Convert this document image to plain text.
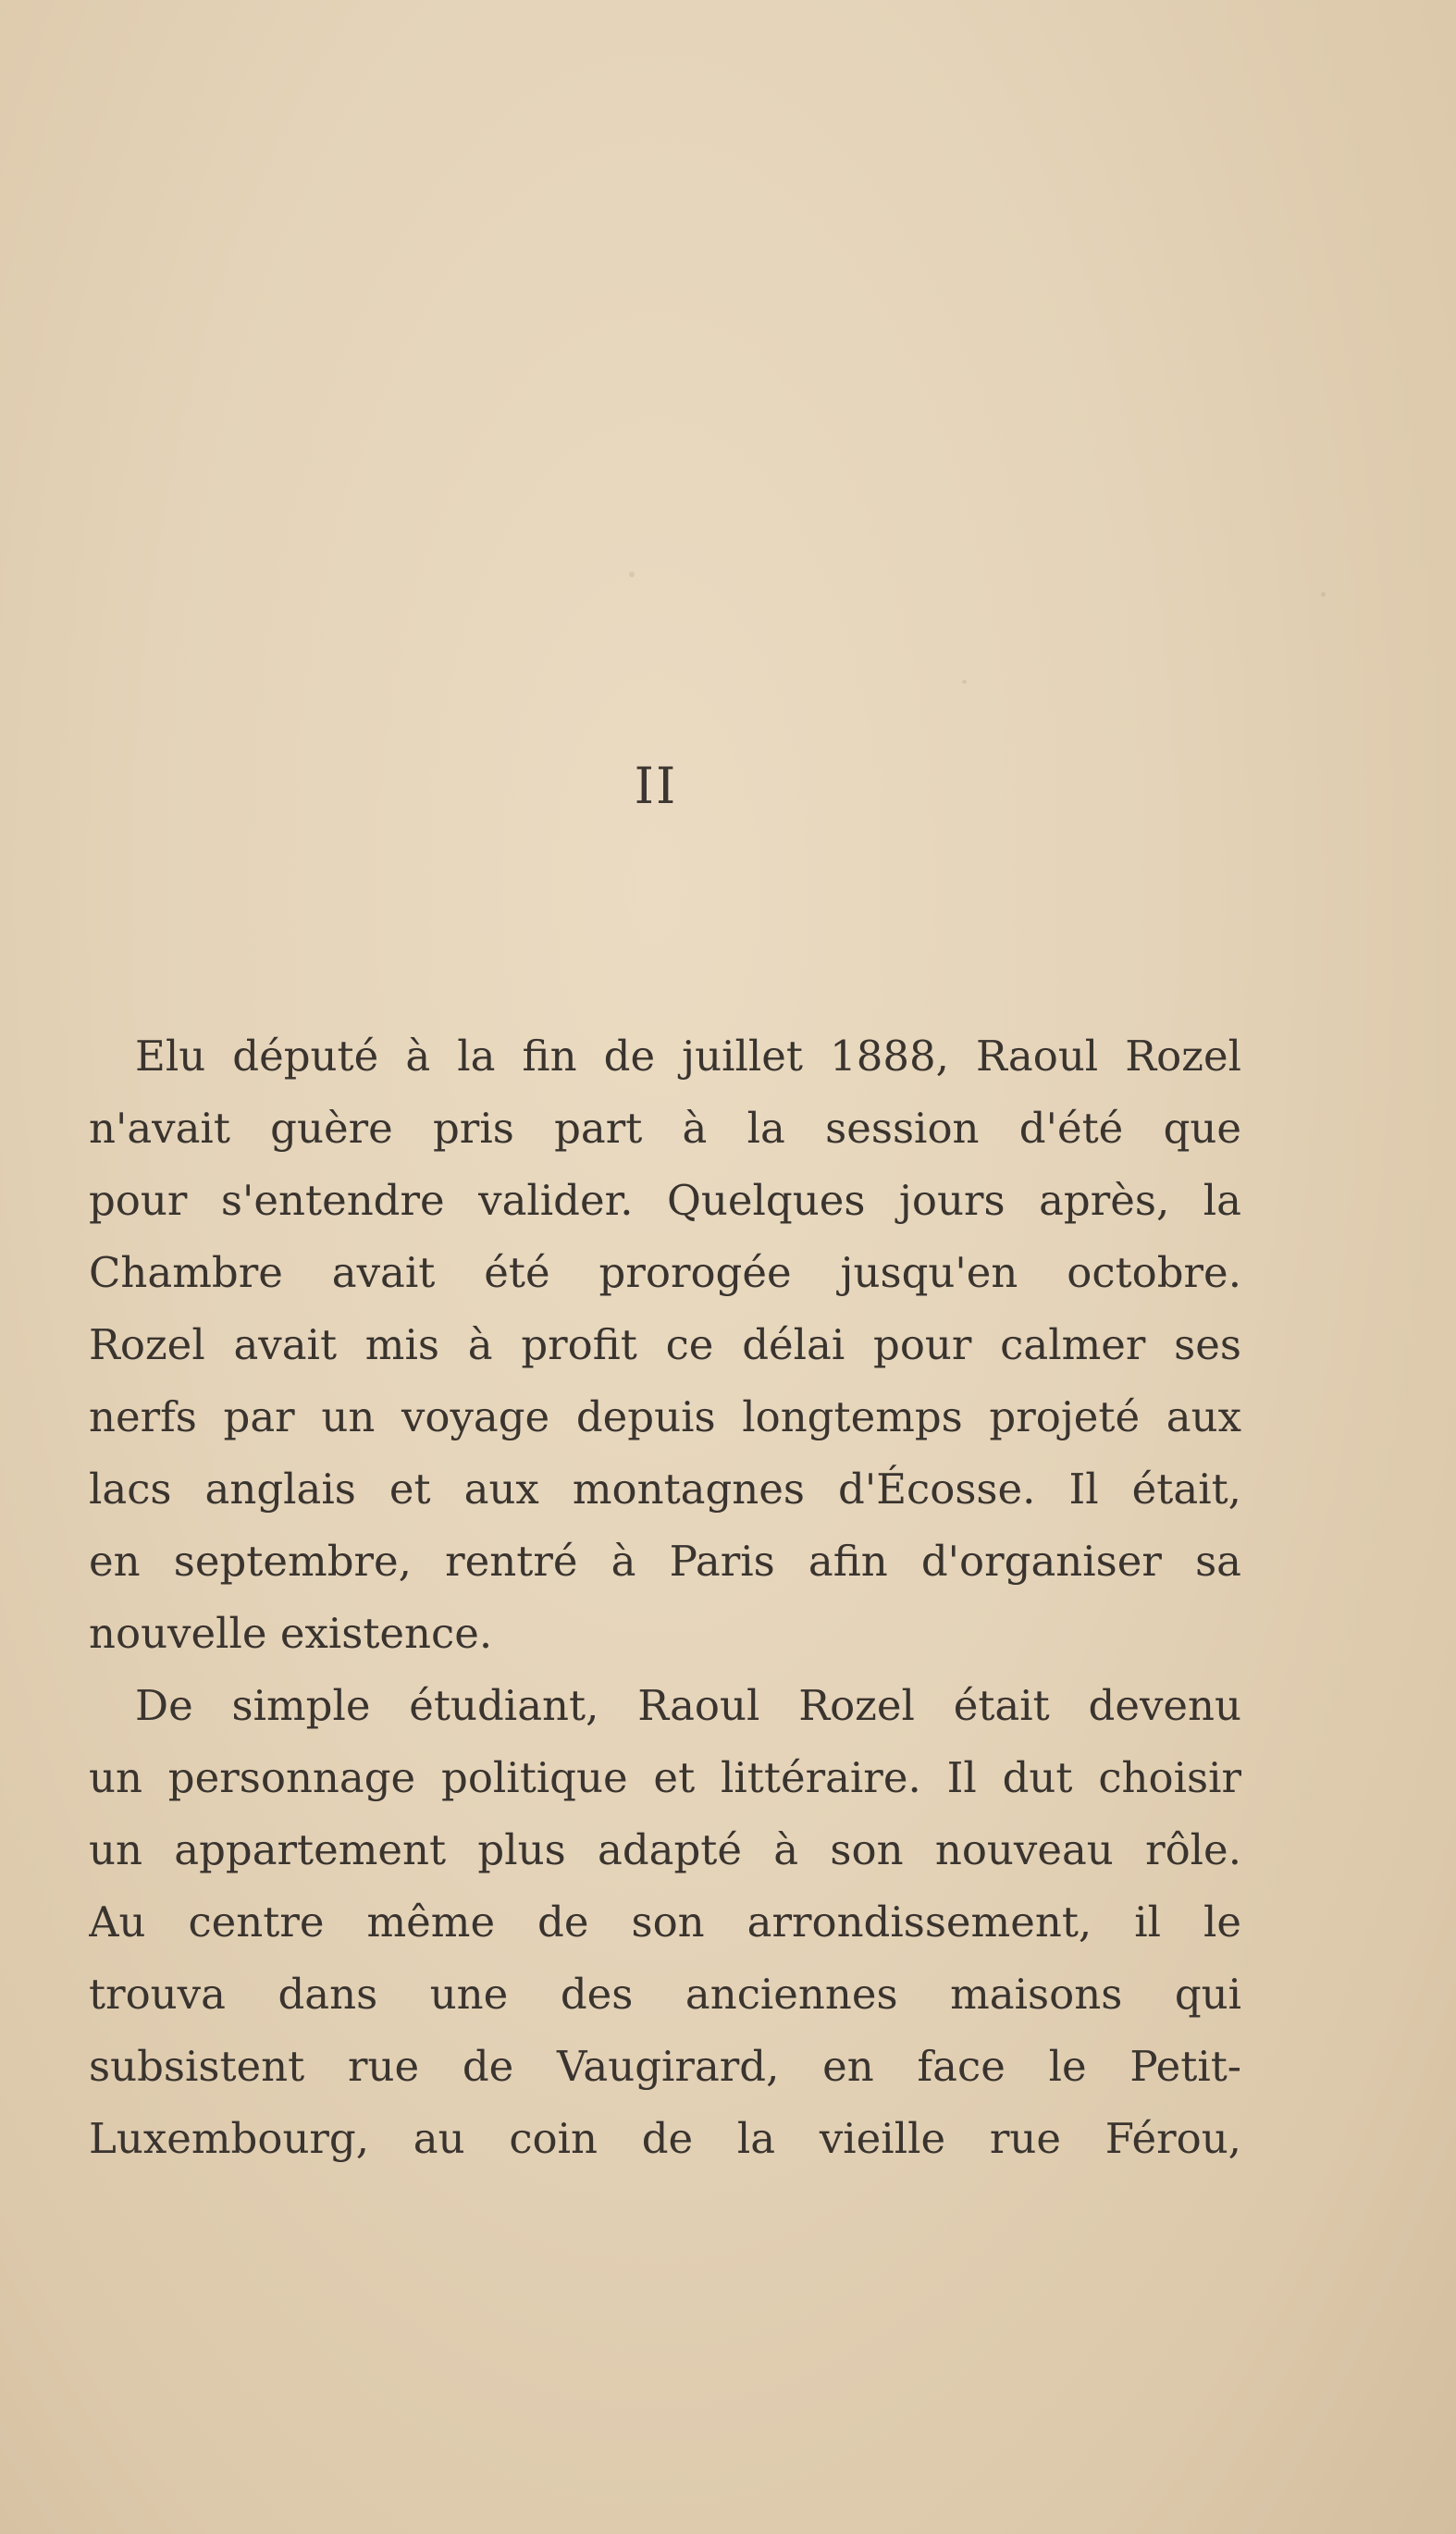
II
Elu député à la fin de juillet 1888, Raoul Rozel
n'avait guère pris part à la session d'été que
pour s'entendre valider. Quelques jours après, la
Chambre avait été prorogée jusqu'en octobre.
Rozel avait mis à profit ce délai pour calmer ses
nerfs par un voyage depuis longtemps projeté aux
lacs anglais et aux montagnes d'Écosse. Il était,
en septembre, rentré à Paris afin d'organiser sa
nouvelle existence.
De simple étudiant, Raoul Rozel était devenu
un personnage politique et littéraire. Il dut choisir
un appartement plus adapté à son nouveau rôle.
Au centre même de son arrondissement, il le
trouva dans une des anciennes maisons qui
subsistent rue de Vaugirard, en face le Petit-
Luxembourg, au coin de la vieille rue Férou,
